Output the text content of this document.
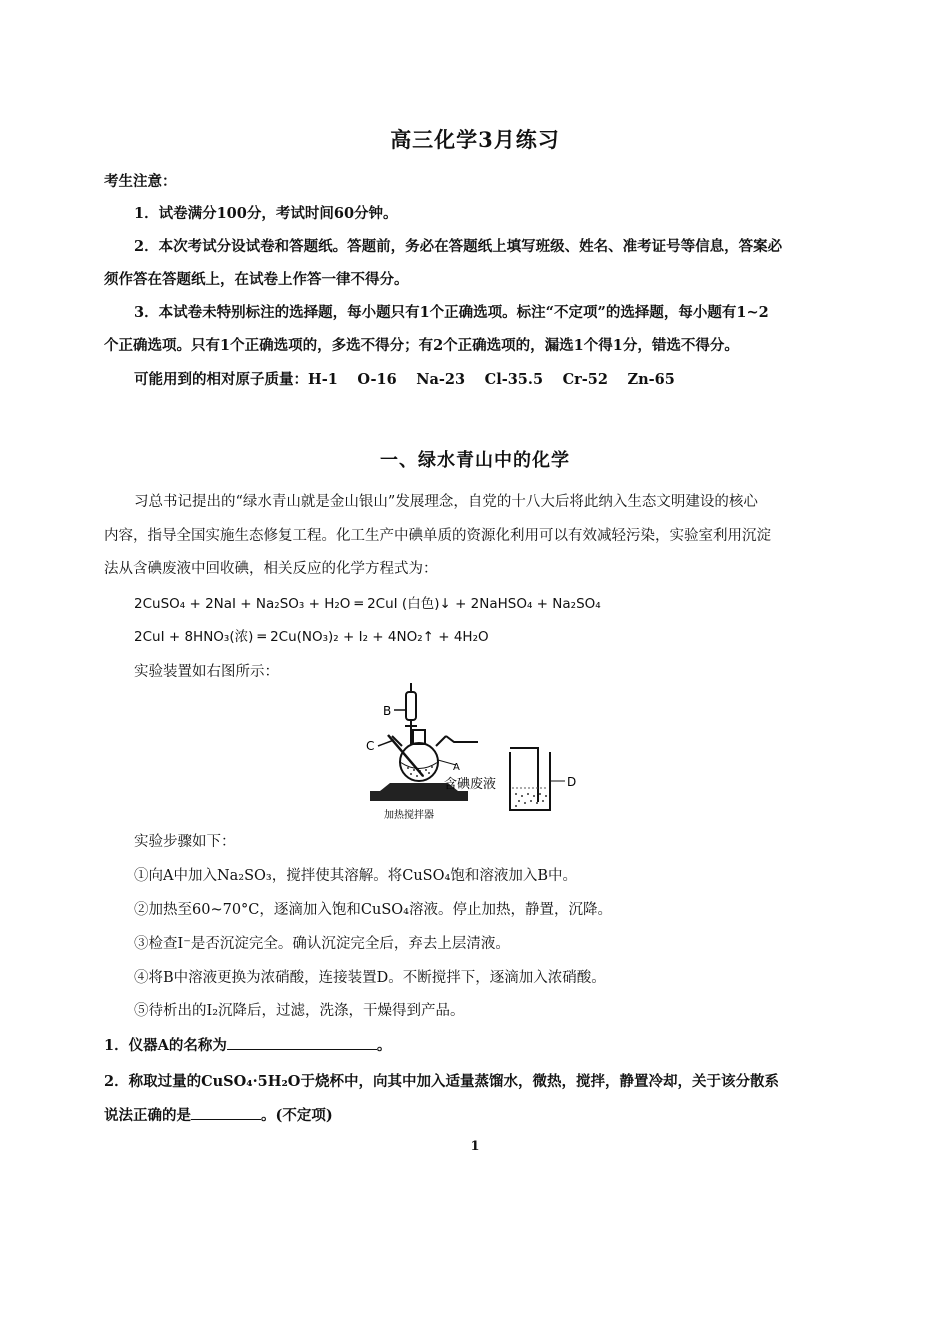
高三化学3月练习
考生注意：
1．试卷满分100分，考试时间60分钟。
2．本次考试分设试卷和答题纸。答题前，务必在答题纸上填写班级、姓名、准考证号等信息，答案必
须作答在答题纸上，在试卷上作答一律不得分。
3．本试卷未特别标注的选择题，每小题只有1个正确选项。标注“不定项”的选择题，每小题有1~2
个正确选项。只有1个正确选项的，多选不得分；有2个正确选项的，漏选1个得1分，错选不得分。
可能用到的相对原子质量：H-1　 O-16　 Na-23　 Cl-35.5　 Cr-52　 Zn-65
一、绿水青山中的化学
习总书记提出的“绿水青山就是金山银山”发展理念，自党的十八大后将此纳入生态文明建设的核心
内容，指导全国实施生态修复工程。化工生产中碘单质的资源化利用可以有效减轻污染，实验室利用沉淀
法从含碘废液中回收碘，相关反应的化学方程式为：
2CuSO₄ + 2NaI + Na₂SO₃ + H₂O ═ 2CuI (白色)↓ + 2NaHSO₄ + Na₂SO₄
2CuI + 8HNO₃(浓) ═ 2Cu(NO₃)₂ + I₂ + 4NO₂↑ + 4H₂O
实验装置如右图所示：
B
C
A
含碘废液	D
加热搅拌器
实验步骤如下：
①向A中加入Na₂SO₃，搅拌使其溶解。将CuSO₄饱和溶液加入B中。
②加热至60~70°C，逐滴加入饱和CuSO₄溶液。停止加热，静置，沉降。
③检查I⁻是否沉淀完全。确认沉淀完全后，弃去上层清液。
④将B中溶液更换为浓硝酸，连接装置D。不断搅拌下，逐滴加入浓硝酸。
⑤待析出的I₂沉降后，过滤，洗涤，干燥得到产品。
1．仪器A的名称为	。
2．称取过量的CuSO₄·5H₂O于烧杯中，向其中加入适量蒸馏水，微热，搅拌，静置冷却，关于该分散系
说法正确的是	。(不定项)
1
